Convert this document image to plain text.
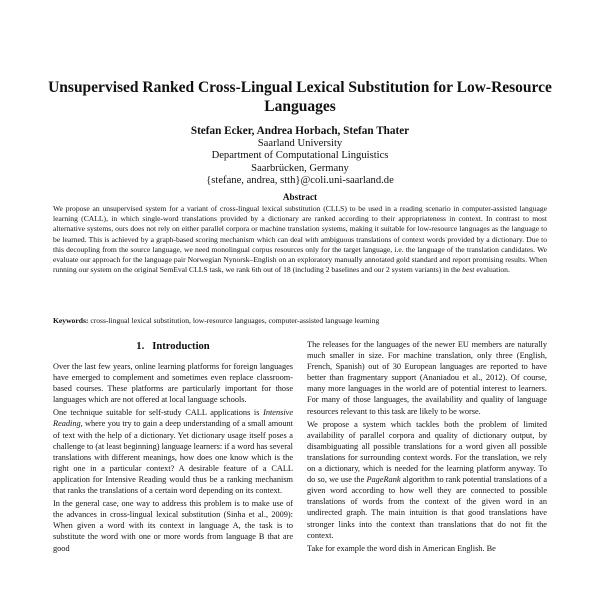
Unsupervised Ranked Cross-Lingual Lexical Substitution for Low-Resource Languages
Stefan Ecker, Andrea Horbach, Stefan Thater
Saarland University
Department of Computational Linguistics
Saarbrücken, Germany
{stefane, andrea, stth}@coli.uni-saarland.de
Abstract

We propose an unsupervised system for a variant of cross-lingual lexical substitution (CLLS) to be used in a reading scenario in computer-assisted language learning (CALL), in which single-word translations provided by a dictionary are ranked according to their appropriateness in context. In contrast to most alternative systems, ours does not rely on either parallel corpora or machine translation systems, making it suitable for low-resource languages as the language to be learned. This is achieved by a graph-based scoring mechanism which can deal with ambiguous translations of context words provided by a dictionary. Due to this decoupling from the source language, we need monolingual corpus resources only for the target language, i.e. the language of the translation candidates. We evaluate our approach for the language pair Norwegian Nynorsk–English on an exploratory manually annotated gold standard and report promising results. When running our system on the original SemEval CLLS task, we rank 6th out of 18 (including 2 baselines and our 2 system variants) in the best evaluation.

Keywords: cross-lingual lexical substitution, low-resource languages, computer-assisted language learning
1. Introduction

Over the last few years, online learning platforms for foreign languages have emerged to complement and sometimes even replace classroom-based courses. These platforms are particularly important for those languages which are not offered at local language schools.

One technique suitable for self-study CALL applications is Intensive Reading, where you try to gain a deep understanding of a small amount of text with the help of a dictionary. Yet dictionary usage itself poses a challenge to (at least beginning) language learners: if a word has several translations with different meanings, how does one know which is the right one in a particular context? A desirable feature of a CALL application for Intensive Reading would thus be a ranking mechanism that ranks the translations of a certain word depending on its context.

In the general case, one way to address this problem is to make use of the advances in cross-lingual lexical substitution (Sinha et al., 2009): When given a word with its context in language A, the task is to substitute the word with one or more words from language B that are good

The releases for the languages of the newer EU members are naturally much smaller in size. For machine translation, only three (English, French, Spanish) out of 30 European languages are reported to have better than fragmentary support (Ananiadou et al., 2012). Of course, many more languages in the world are of potential interest to learners. For many of those languages, the availability and quality of language resources relevant to this task are likely to be worse.

We propose a system which tackles both the problem of limited availability of parallel corpora and quality of dictionary output, by disambiguating all possible translations for a word given all possible translations for surrounding context words. For the translation, we rely on a dictionary, which is needed for the learning platform anyway. To do so, we use the PageRank algorithm to rank potential translations of a given word according to how well they are connected to possible translations of words from the context of the given word in an undirected graph. The main intuition is that good translations have stronger links into the context than translations that do not fit the context.

Take for example the word dish in American English. Be
